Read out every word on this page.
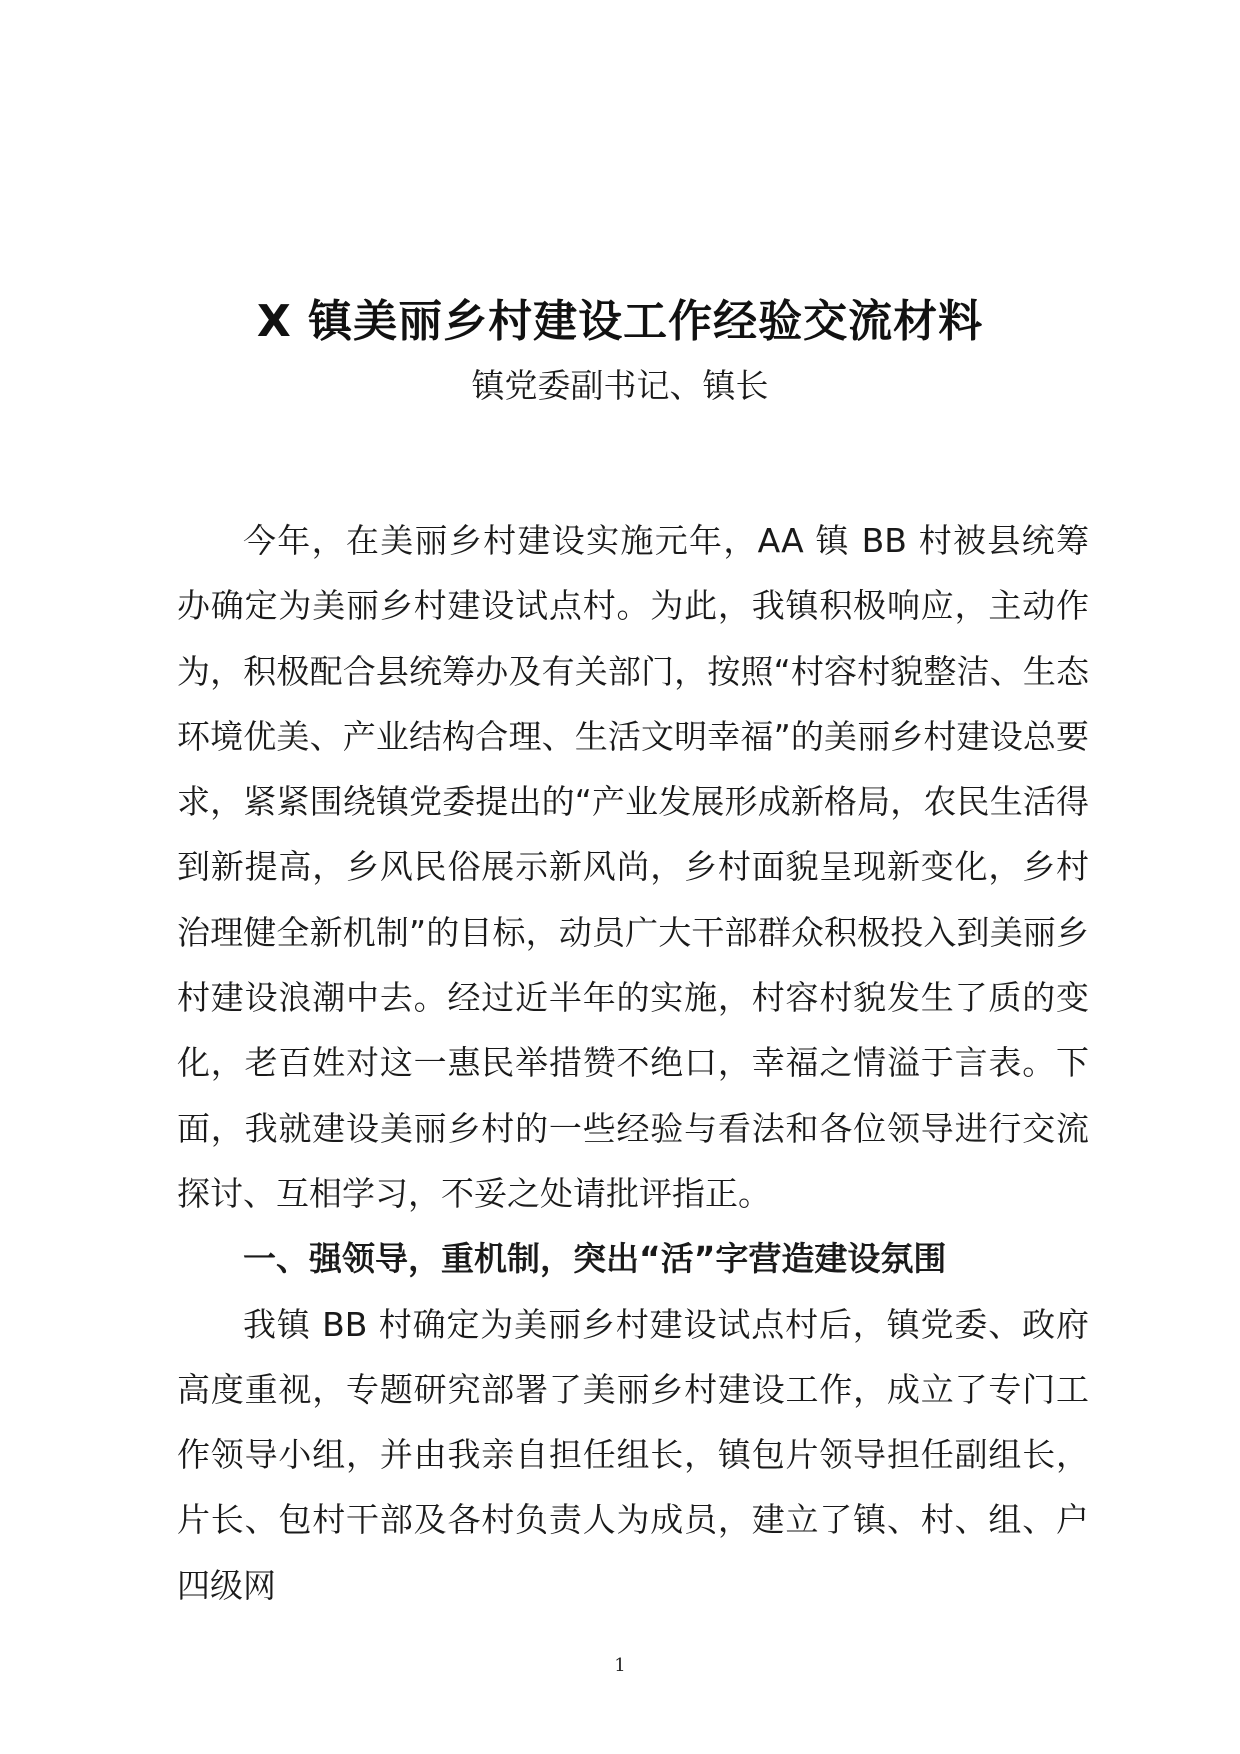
X 镇美丽乡村建设工作经验交流材料
镇党委副书记、镇长

今年，在美丽乡村建设实施元年，AA 镇 BB 村被县统筹办确定为美丽乡村建设试点村。为此，我镇积极响应，主动作为，积极配合县统筹办及有关部门，按照“村容村貌整洁、生态环境优美、产业结构合理、生活文明幸福”的美丽乡村建设总要求，紧紧围绕镇党委提出的“产业发展形成新格局，农民生活得到新提高，乡风民俗展示新风尚，乡村面貌呈现新变化，乡村治理健全新机制”的目标，动员广大干部群众积极投入到美丽乡村建设浪潮中去。经过近半年的实施，村容村貌发生了质的变化，老百姓对这一惠民举措赞不绝口，幸福之情溢于言表。下面，我就建设美丽乡村的一些经验与看法和各位领导进行交流探讨、互相学习，不妥之处请批评指正。

一、强领导，重机制，突出“活”字营造建设氛围

我镇 BB 村确定为美丽乡村建设试点村后，镇党委、政府高度重视，专题研究部署了美丽乡村建设工作，成立了专门工作领导小组，并由我亲自担任组长，镇包片领导担任副组长，片长、包村干部及各村负责人为成员，建立了镇、村、组、户四级网

1
